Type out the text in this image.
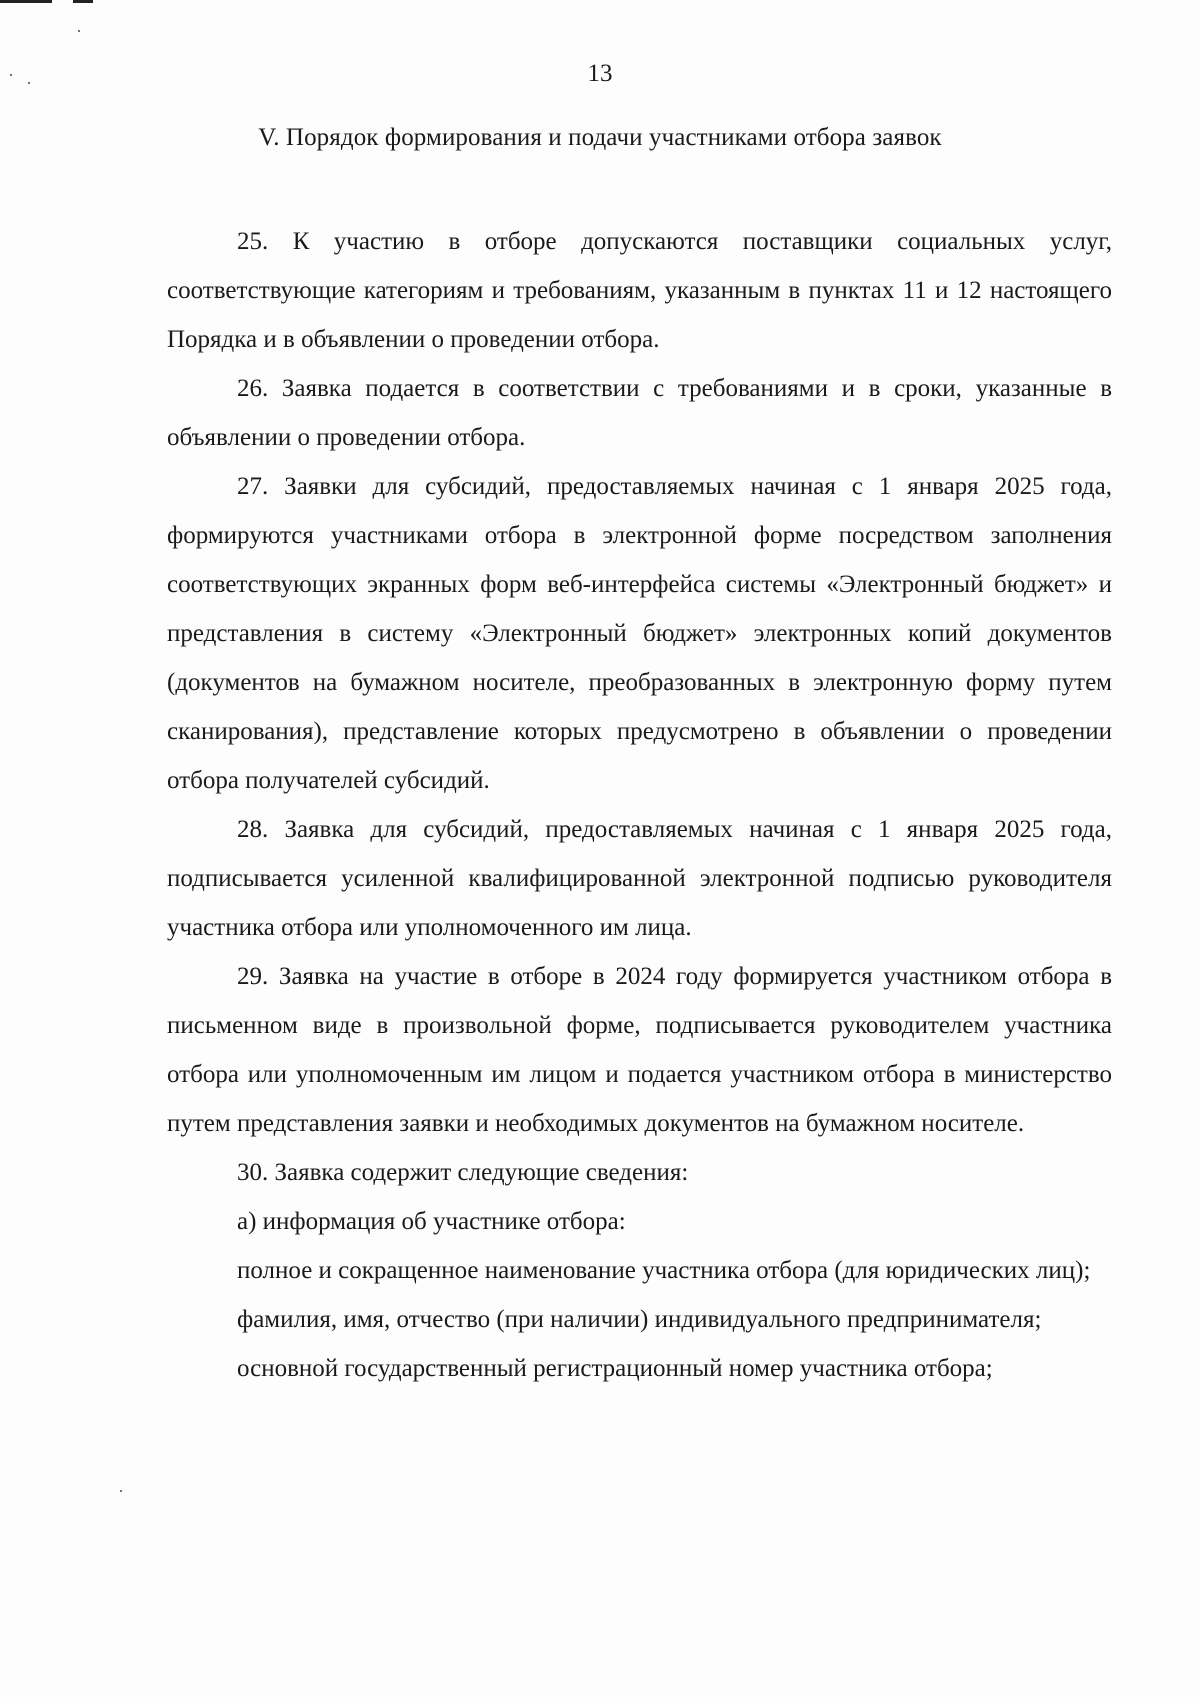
13
V. Порядок формирования и подачи участниками отбора заявок

25. К участию в отборе допускаются поставщики социальных услуг, соответствующие категориям и требованиям, указанным в пунктах 11 и 12 настоящего Порядка и в объявлении о проведении отбора.

26. Заявка подается в соответствии с требованиями и в сроки, указанные в объявлении о проведении отбора.

27. Заявки для субсидий, предоставляемых начиная с 1 января 2025 года, формируются участниками отбора в электронной форме посредством заполнения соответствующих экранных форм веб-интерфейса системы «Электронный бюджет» и представления в систему «Электронный бюджет» электронных копий документов (документов на бумажном носителе, преобразованных в электронную форму путем сканирования), представление которых предусмотрено в объявлении о проведении отбора получателей субсидий.

28. Заявка для субсидий, предоставляемых начиная с 1 января 2025 года, подписывается усиленной квалифицированной электронной подписью руководителя участника отбора или уполномоченного им лица.

29. Заявка на участие в отборе в 2024 году формируется участником отбора в письменном виде в произвольной форме, подписывается руководителем участника отбора или уполномоченным им лицом и подается участником отбора в министерство путем представления заявки и необходимых документов на бумажном носителе.

30. Заявка содержит следующие сведения:

а) информация об участнике отбора:

полное и сокращенное наименование участника отбора (для юридических лиц);

фамилия, имя, отчество (при наличии) индивидуального предпринимателя;

основной государственный регистрационный номер участника отбора;
